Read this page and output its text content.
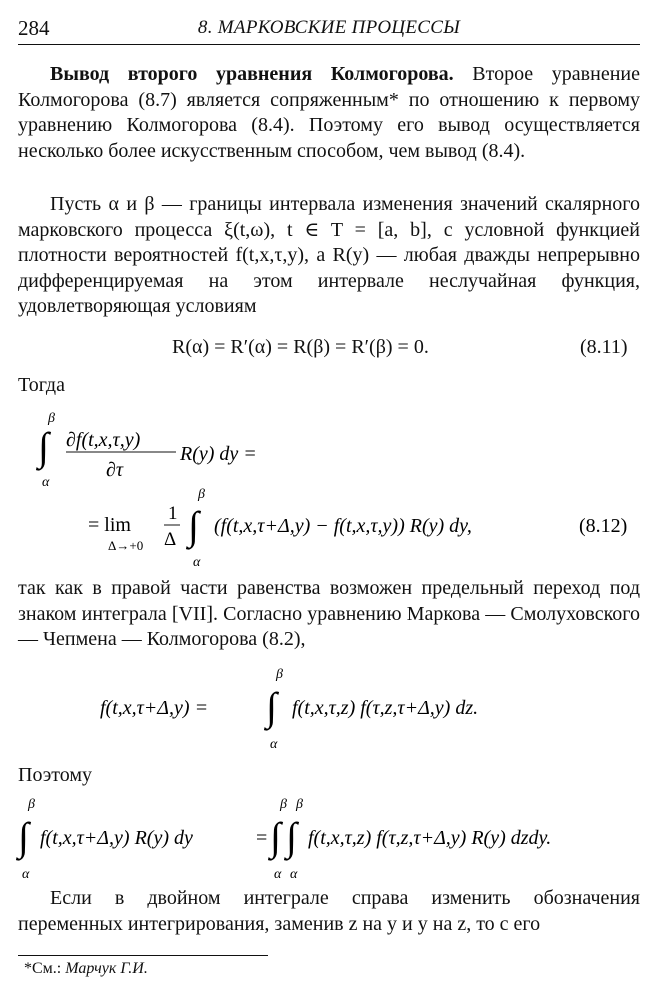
284	8. МАРКОВСКИЕ ПРОЦЕССЫ

Вывод второго уравнения Колмогорова. Второе уравнение Колмогорова (8.7) является сопряженным* по отношению к первому уравнению Колмогорова (8.4). Поэтому его вывод осуществляется несколько более искусственным способом, чем вывод (8.4).

Пусть α и β — границы интервала изменения значений скалярного марковского процесса ξ(t,ω), t ∈ T = [a, b], с условной функцией плотности вероятностей f(t,x,τ,y), а R(y) — любая дважды непрерывно дифференцируемая на этом интервале неслучайная функция, удовлетворяющая условиям

R(α) = R′(α) = R(β) = R′(β) = 0.	(8.11)
Тогда
β
∫
α
∂f(t,x,τ,y)
∂τ
R(y) dy =
= lim
Δ→+0
1
Δ
β
∫
α
(f(t,x,τ+Δ,y) − f(t,x,τ,y)) R(y) dy,	(8.12)

так как в правой части равенства возможен предельный переход под знаком интеграла [VII]. Согласно уравнению Маркова — Смолуховского — Чепмена — Колмогорова (8.2),

f(t,x,τ+Δ,y) =
β
∫
α
f(t,x,τ,z) f(τ,z,τ+Δ,y) dz.
Поэтому
β
∫
α
f(t,x,τ+Δ,y) R(y) dy	=
β β
∫ ∫
α α
f(t,x,τ,z) f(τ,z,τ+Δ,y) R(y) dzdy.

Если в двойном интеграле справа изменить обозначения переменных интегрирования, заменив z на y и y на z, то с его

*См.: Марчук Г.И.
